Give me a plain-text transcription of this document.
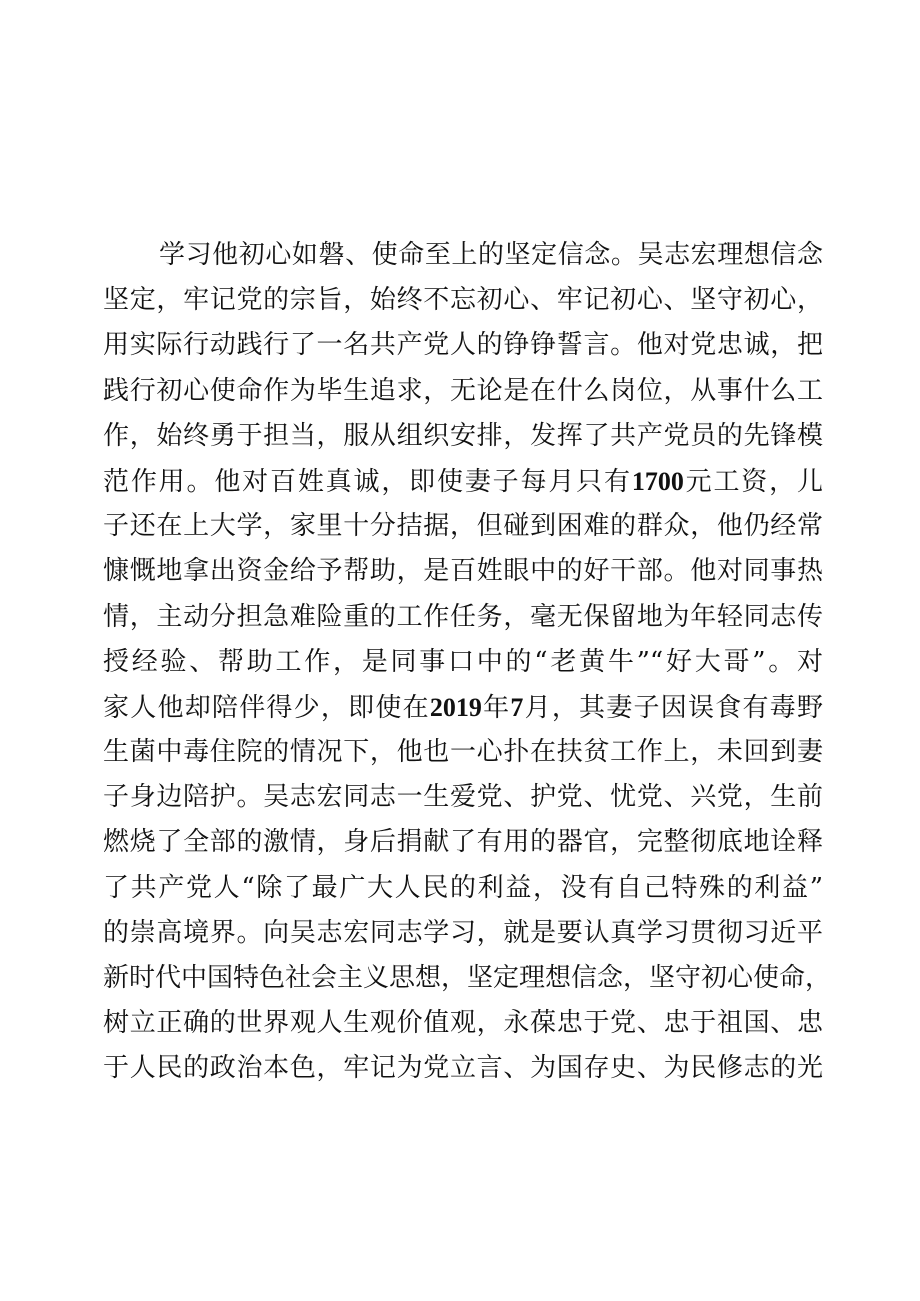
学习他初心如磐、使命至上的坚定信念。吴志宏理想信念
坚定，牢记党的宗旨，始终不忘初心、牢记初心、坚守初心，
用实际行动践行了一名共产党人的铮铮誓言。他对党忠诚，把
践行初心使命作为毕生追求，无论是在什么岗位，从事什么工
作，始终勇于担当，服从组织安排，发挥了共产党员的先锋模
范作用。他对百姓真诚，即使妻子每月只有1700元工资，儿
子还在上大学，家里十分拮据，但碰到困难的群众，他仍经常
慷慨地拿出资金给予帮助，是百姓眼中的好干部。他对同事热
情，主动分担急难险重的工作任务，毫无保留地为年轻同志传
授经验、帮助工作，是同事口中的“老黄牛”“好大哥”。对
家人他却陪伴得少，即使在2019年7月，其妻子因误食有毒野
生菌中毒住院的情况下，他也一心扑在扶贫工作上，未回到妻
子身边陪护。吴志宏同志一生爱党、护党、忧党、兴党，生前
燃烧了全部的激情，身后捐献了有用的器官，完整彻底地诠释
了共产党人“除了最广大人民的利益，没有自己特殊的利益”
的崇高境界。向吴志宏同志学习，就是要认真学习贯彻习近平
新时代中国特色社会主义思想，坚定理想信念，坚守初心使命，
树立正确的世界观人生观价值观，永葆忠于党、忠于祖国、忠
于人民的政治本色，牢记为党立言、为国存史、为民修志的光
